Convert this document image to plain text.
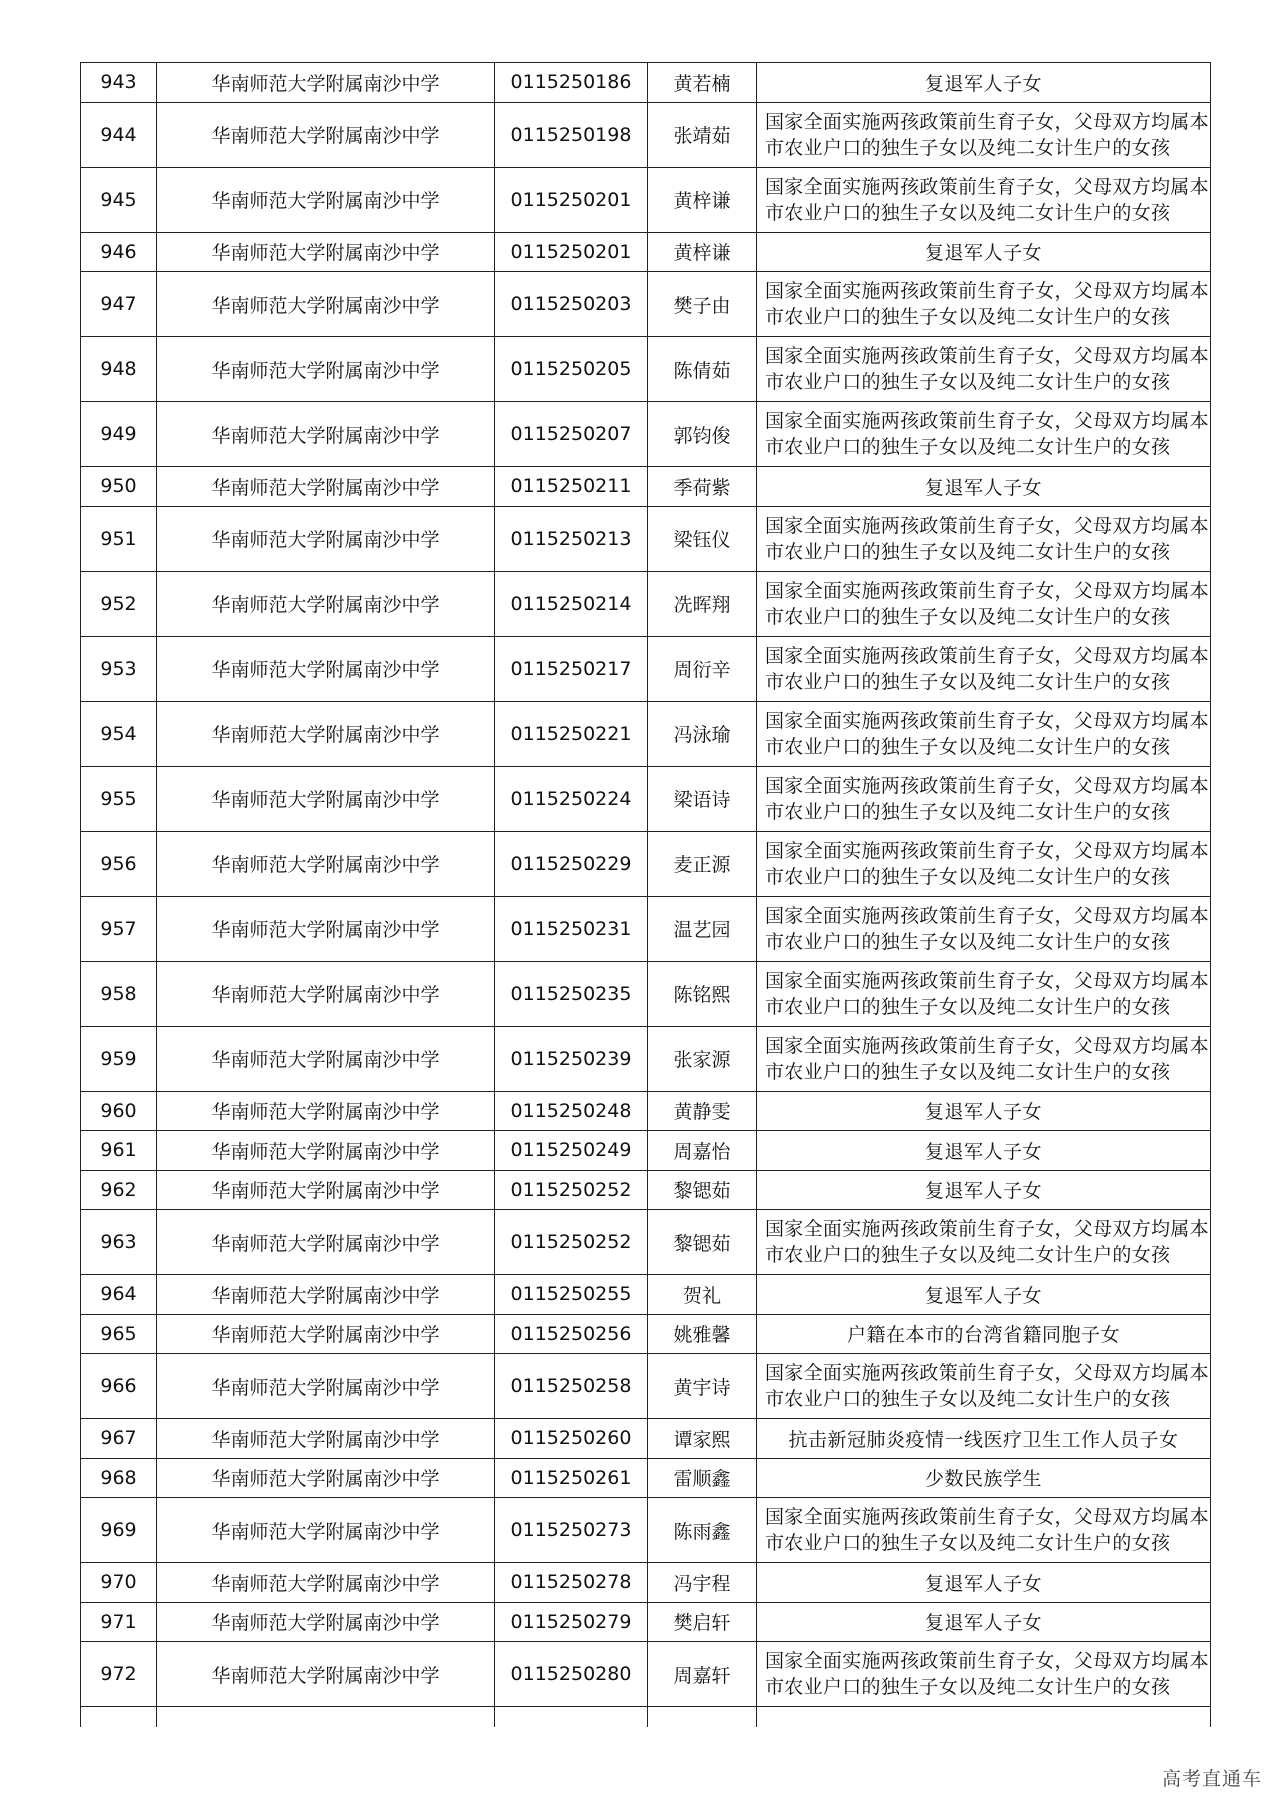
943	华南师范大学附属南沙中学	0115250186	黄若楠	复退军人子女
944	华南师范大学附属南沙中学	0115250198	张靖茹	国家全面实施两孩政策前生育子女，父母双方均属本市农业户口的独生子女以及纯二女计生户的女孩
945	华南师范大学附属南沙中学	0115250201	黄梓谦	国家全面实施两孩政策前生育子女，父母双方均属本市农业户口的独生子女以及纯二女计生户的女孩
946	华南师范大学附属南沙中学	0115250201	黄梓谦	复退军人子女
947	华南师范大学附属南沙中学	0115250203	樊子由	国家全面实施两孩政策前生育子女，父母双方均属本市农业户口的独生子女以及纯二女计生户的女孩
948	华南师范大学附属南沙中学	0115250205	陈倩茹	国家全面实施两孩政策前生育子女，父母双方均属本市农业户口的独生子女以及纯二女计生户的女孩
949	华南师范大学附属南沙中学	0115250207	郭钧俊	国家全面实施两孩政策前生育子女，父母双方均属本市农业户口的独生子女以及纯二女计生户的女孩
950	华南师范大学附属南沙中学	0115250211	季荷紫	复退军人子女
951	华南师范大学附属南沙中学	0115250213	梁钰仪	国家全面实施两孩政策前生育子女，父母双方均属本市农业户口的独生子女以及纯二女计生户的女孩
952	华南师范大学附属南沙中学	0115250214	冼晖翔	国家全面实施两孩政策前生育子女，父母双方均属本市农业户口的独生子女以及纯二女计生户的女孩
953	华南师范大学附属南沙中学	0115250217	周衍辛	国家全面实施两孩政策前生育子女，父母双方均属本市农业户口的独生子女以及纯二女计生户的女孩
954	华南师范大学附属南沙中学	0115250221	冯泳瑜	国家全面实施两孩政策前生育子女，父母双方均属本市农业户口的独生子女以及纯二女计生户的女孩
955	华南师范大学附属南沙中学	0115250224	梁语诗	国家全面实施两孩政策前生育子女，父母双方均属本市农业户口的独生子女以及纯二女计生户的女孩
956	华南师范大学附属南沙中学	0115250229	麦正源	国家全面实施两孩政策前生育子女，父母双方均属本市农业户口的独生子女以及纯二女计生户的女孩
957	华南师范大学附属南沙中学	0115250231	温艺园	国家全面实施两孩政策前生育子女，父母双方均属本市农业户口的独生子女以及纯二女计生户的女孩
958	华南师范大学附属南沙中学	0115250235	陈铭熙	国家全面实施两孩政策前生育子女，父母双方均属本市农业户口的独生子女以及纯二女计生户的女孩
959	华南师范大学附属南沙中学	0115250239	张家源	国家全面实施两孩政策前生育子女，父母双方均属本市农业户口的独生子女以及纯二女计生户的女孩
960	华南师范大学附属南沙中学	0115250248	黄静雯	复退军人子女
961	华南师范大学附属南沙中学	0115250249	周嘉怡	复退军人子女
962	华南师范大学附属南沙中学	0115250252	黎锶茹	复退军人子女
963	华南师范大学附属南沙中学	0115250252	黎锶茹	国家全面实施两孩政策前生育子女，父母双方均属本市农业户口的独生子女以及纯二女计生户的女孩
964	华南师范大学附属南沙中学	0115250255	贺礼	复退军人子女
965	华南师范大学附属南沙中学	0115250256	姚雅馨	户籍在本市的台湾省籍同胞子女
966	华南师范大学附属南沙中学	0115250258	黄宇诗	国家全面实施两孩政策前生育子女，父母双方均属本市农业户口的独生子女以及纯二女计生户的女孩
967	华南师范大学附属南沙中学	0115250260	谭家熙	抗击新冠肺炎疫情一线医疗卫生工作人员子女
968	华南师范大学附属南沙中学	0115250261	雷顺鑫	少数民族学生
969	华南师范大学附属南沙中学	0115250273	陈雨鑫	国家全面实施两孩政策前生育子女，父母双方均属本市农业户口的独生子女以及纯二女计生户的女孩
970	华南师范大学附属南沙中学	0115250278	冯宇程	复退军人子女
971	华南师范大学附属南沙中学	0115250279	樊启轩	复退军人子女
972	华南师范大学附属南沙中学	0115250280	周嘉轩	国家全面实施两孩政策前生育子女，父母双方均属本市农业户口的独生子女以及纯二女计生户的女孩

高考直通车
